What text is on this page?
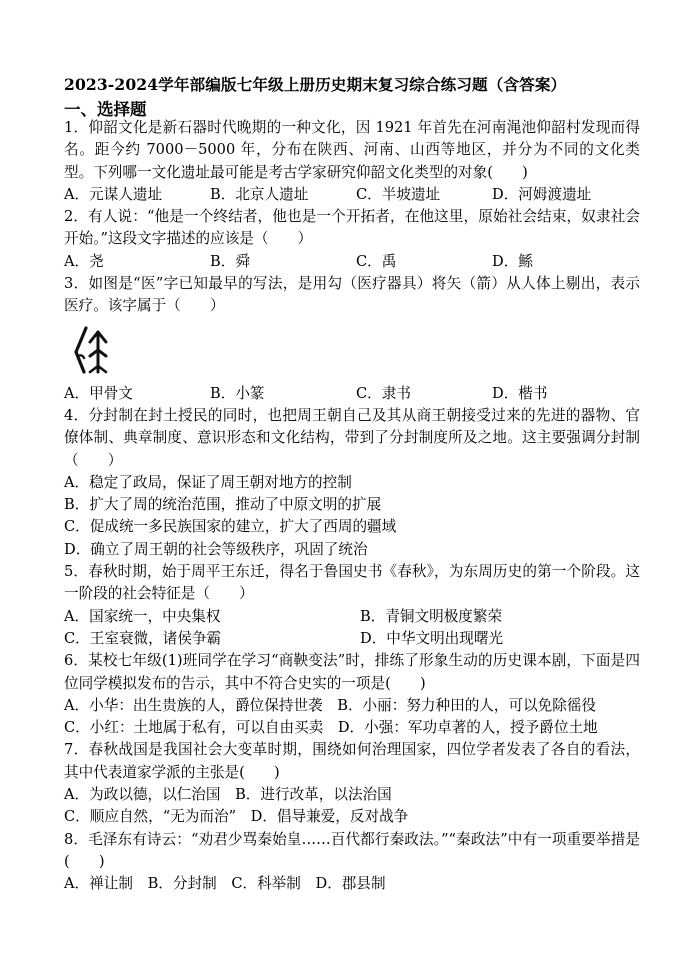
2023-2024学年部编版七年级上册历史期末复习综合练习题（含答案）
一、选择题
1．仰韶文化是新石器时代晚期的一种文化，因 1921 年首先在河南渑池仰韶村发现而得名。距今约 7000－5000 年，分布在陕西、河南、山西等地区，并分为不同的文化类型。下列哪一文化遗址最可能是考古学家研究仰韶文化类型的对象(　　)
A．元谋人遗址	B．北京人遗址	C．半坡遗址	D．河姆渡遗址
2．有人说：“他是一个终结者，他也是一个开拓者，在他这里，原始社会结束，奴隶社会开始。”这段文字描述的应该是（　　）
A．尧	B．舜	C．禹	D．鲧
3．如图是“医”字已知最早的写法，是用勾（医疗器具）将矢（箭）从人体上剔出，表示医疗。该字属于（　　）
A．甲骨文	B．小篆	C．隶书	D．楷书
4．分封制在封土授民的同时，也把周王朝自己及其从商王朝接受过来的先进的器物、官僚体制、典章制度、意识形态和文化结构，带到了分封制度所及之地。这主要强调分封制（　　）
A．稳定了政局，保证了周王朝对地方的控制
B．扩大了周的统治范围，推动了中原文明的扩展
C．促成统一多民族国家的建立，扩大了西周的疆域
D．确立了周王朝的社会等级秩序，巩固了统治
5．春秋时期，始于周平王东迁，得名于鲁国史书《春秋》，为东周历史的第一个阶段。这一阶段的社会特征是（　　）
A．国家统一，中央集权	B．青铜文明极度繁荣
C．王室衰微，诸侯争霸	D．中华文明出现曙光
6．某校七年级(1)班同学在学习“商鞅变法”时，排练了形象生动的历史课本剧，下面是四位同学模拟发布的告示，其中不符合史实的一项是(　　)
A．小华：出生贵族的人，爵位保持世袭　B．小丽：努力种田的人，可以免除徭役
C．小红：土地属于私有，可以自由买卖　D．小强：军功卓著的人，授予爵位土地
7．春秋战国是我国社会大变革时期，围绕如何治理国家，四位学者发表了各自的看法，其中代表道家学派的主张是(　　)
A．为政以德，以仁治国　B．进行改革，以法治国
C．顺应自然，“无为而治”　D．倡导兼爱，反对战争
8．毛泽东有诗云：“劝君少骂秦始皇……百代都行秦政法。”“秦政法”中有一项重要举措是(　　)
A．禅让制 B．分封制 C．科举制 D．郡县制
